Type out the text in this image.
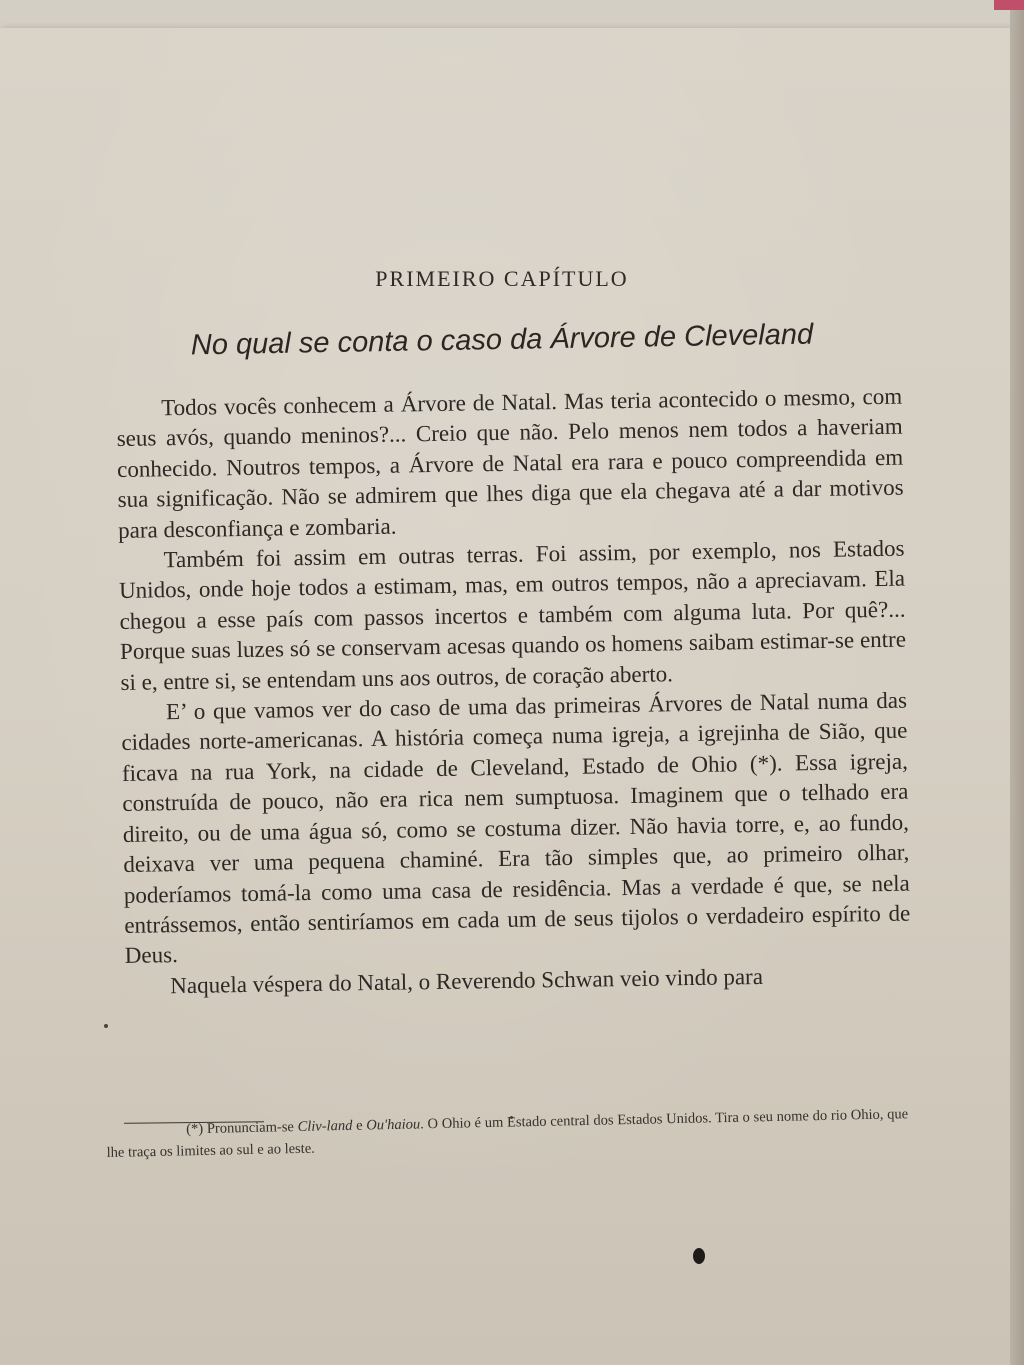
PRIMEIRO CAPÍTULO
No qual se conta o caso da Árvore de Cleveland

Todos vocês conhecem a Árvore de Natal. Mas teria acontecido o mesmo, com seus avós, quando meninos?... Creio que não. Pelo menos nem todos a haveriam conhecido. Noutros tempos, a Árvore de Natal era rara e pouco compreendida em sua significação. Não se admirem que lhes diga que ela chegava até a dar motivos para desconfiança e zombaria.

Também foi assim em outras terras. Foi assim, por exemplo, nos Estados Unidos, onde hoje todos a estimam, mas, em outros tempos, não a apreciavam. Ela chegou a esse país com passos incertos e também com alguma luta. Por quê?... Porque suas luzes só se conservam acesas quando os homens saibam estimar-se entre si e, entre si, se entendam uns aos outros, de coração aberto.

E’ o que vamos ver do caso de uma das primeiras Árvores de Natal numa das cidades norte-americanas. A história começa numa igreja, a igrejinha de Sião, que ficava na rua York, na cidade de Cleveland, Estado de Ohio (*). Essa igreja, construída de pouco, não era rica nem sumptuosa. Imaginem que o telhado era direito, ou de uma água só, como se costuma dizer. Não havia torre, e, ao fundo, deixava ver uma pequena chaminé. Era tão simples que, ao primeiro olhar, poderíamos tomá-la como uma casa de residência. Mas a verdade é que, se nela entrássemos, então sentiríamos em cada um de seus tijolos o verdadeiro espírito de Deus.

Naquela véspera do Natal, o Reverendo Schwan veio vindo para

(*) Pronunciam-se Cliv-land e Ou'haiou. O Ohio é um Estado central dos Estados Unidos. Tira o seu nome do rio Ohio, que lhe traça os limites ao sul e ao leste.
